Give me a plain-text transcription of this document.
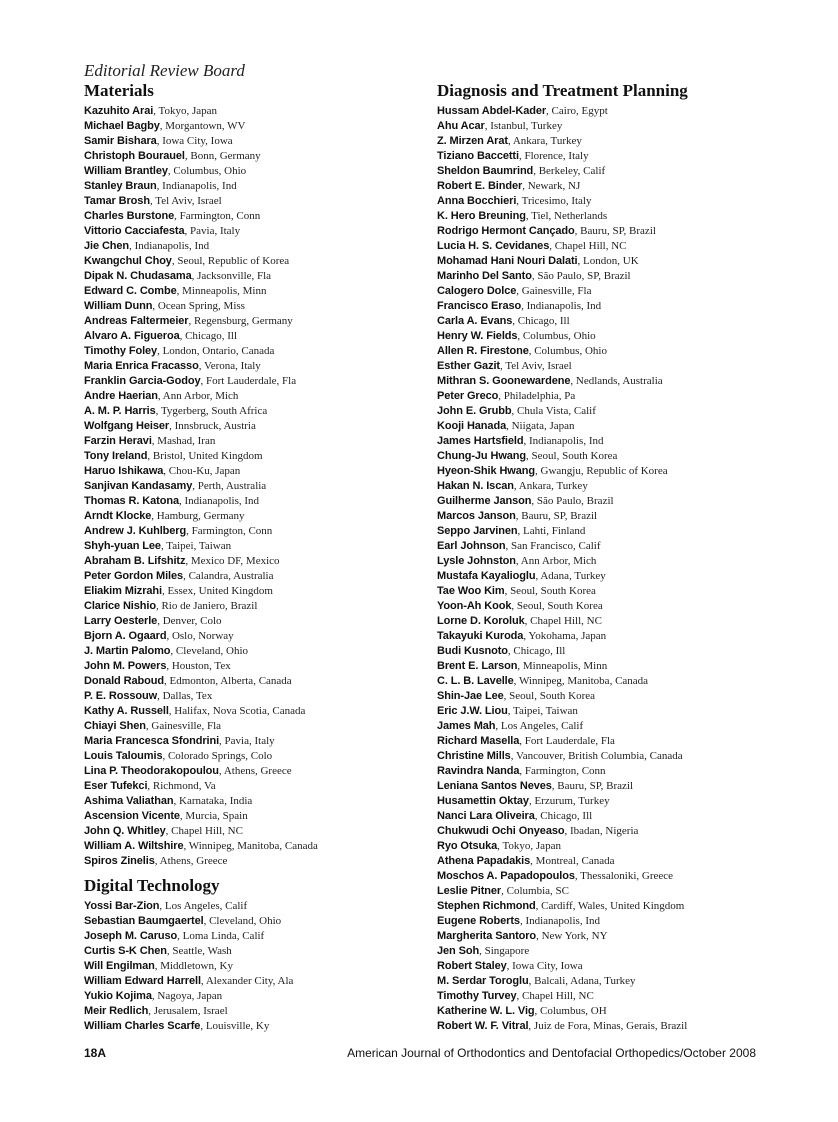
Editorial Review Board
Materials
Kazuhito Arai, Tokyo, Japan
Michael Bagby, Morgantown, WV
Samir Bishara, Iowa City, Iowa
Christoph Bourauel, Bonn, Germany
William Brantley, Columbus, Ohio
Stanley Braun, Indianapolis, Ind
Tamar Brosh, Tel Aviv, Israel
Charles Burstone, Farmington, Conn
Vittorio Cacciafesta, Pavia, Italy
Jie Chen, Indianapolis, Ind
Kwangchul Choy, Seoul, Republic of Korea
Dipak N. Chudasama, Jacksonville, Fla
Edward C. Combe, Minneapolis, Minn
William Dunn, Ocean Spring, Miss
Andreas Faltermeier, Regensburg, Germany
Alvaro A. Figueroa, Chicago, Ill
Timothy Foley, London, Ontario, Canada
Maria Enrica Fracasso, Verona, Italy
Franklin Garcia-Godoy, Fort Lauderdale, Fla
Andre Haerian, Ann Arbor, Mich
A. M. P. Harris, Tygerberg, South Africa
Wolfgang Heiser, Innsbruck, Austria
Farzin Heravi, Mashad, Iran
Tony Ireland, Bristol, United Kingdom
Haruo Ishikawa, Chou-Ku, Japan
Sanjivan Kandasamy, Perth, Australia
Thomas R. Katona, Indianapolis, Ind
Arndt Klocke, Hamburg, Germany
Andrew J. Kuhlberg, Farmington, Conn
Shyh-yuan Lee, Taipei, Taiwan
Abraham B. Lifshitz, Mexico DF, Mexico
Peter Gordon Miles, Calandra, Australia
Eliakim Mizrahi, Essex, United Kingdom
Clarice Nishio, Rio de Janiero, Brazil
Larry Oesterle, Denver, Colo
Bjorn A. Ogaard, Oslo, Norway
J. Martin Palomo, Cleveland, Ohio
John M. Powers, Houston, Tex
Donald Raboud, Edmonton, Alberta, Canada
P. E. Rossouw, Dallas, Tex
Kathy A. Russell, Halifax, Nova Scotia, Canada
Chiayi Shen, Gainesville, Fla
Maria Francesca Sfondrini, Pavia, Italy
Louis Taloumis, Colorado Springs, Colo
Lina P. Theodorakopoulou, Athens, Greece
Eser Tufekci, Richmond, Va
Ashima Valiathan, Karnataka, India
Ascension Vicente, Murcia, Spain
John Q. Whitley, Chapel Hill, NC
William A. Wiltshire, Winnipeg, Manitoba, Canada
Spiros Zinelis, Athens, Greece
Digital Technology
Yossi Bar-Zion, Los Angeles, Calif
Sebastian Baumgaertel, Cleveland, Ohio
Joseph M. Caruso, Loma Linda, Calif
Curtis S-K Chen, Seattle, Wash
Will Engilman, Middletown, Ky
William Edward Harrell, Alexander City, Ala
Yukio Kojima, Nagoya, Japan
Meir Redlich, Jerusalem, Israel
William Charles Scarfe, Louisville, Ky
Diagnosis and Treatment Planning
Hussam Abdel-Kader, Cairo, Egypt
Ahu Acar, Istanbul, Turkey
Z. Mirzen Arat, Ankara, Turkey
Tiziano Baccetti, Florence, Italy
Sheldon Baumrind, Berkeley, Calif
Robert E. Binder, Newark, NJ
Anna Bocchieri, Tricesimo, Italy
K. Hero Breuning, Tiel, Netherlands
Rodrigo Hermont Cançado, Bauru, SP, Brazil
Lucia H. S. Cevidanes, Chapel Hill, NC
Mohamad Hani Nouri Dalati, London, UK
Marinho Del Santo, São Paulo, SP, Brazil
Calogero Dolce, Gainesville, Fla
Francisco Eraso, Indianapolis, Ind
Carla A. Evans, Chicago, Ill
Henry W. Fields, Columbus, Ohio
Allen R. Firestone, Columbus, Ohio
Esther Gazit, Tel Aviv, Israel
Mithran S. Goonewardene, Nedlands, Australia
Peter Greco, Philadelphia, Pa
John E. Grubb, Chula Vista, Calif
Kooji Hanada, Niigata, Japan
James Hartsfield, Indianapolis, Ind
Chung-Ju Hwang, Seoul, South Korea
Hyeon-Shik Hwang, Gwangju, Republic of Korea
Hakan N. Iscan, Ankara, Turkey
Guilherme Janson, São Paulo, Brazil
Marcos Janson, Bauru, SP, Brazil
Seppo Jarvinen, Lahti, Finland
Earl Johnson, San Francisco, Calif
Lysle Johnston, Ann Arbor, Mich
Mustafa Kayalioglu, Adana, Turkey
Tae Woo Kim, Seoul, South Korea
Yoon-Ah Kook, Seoul, South Korea
Lorne D. Koroluk, Chapel Hill, NC
Takayuki Kuroda, Yokohama, Japan
Budi Kusnoto, Chicago, Ill
Brent E. Larson, Minneapolis, Minn
C. L. B. Lavelle, Winnipeg, Manitoba, Canada
Shin-Jae Lee, Seoul, South Korea
Eric J.W. Liou, Taipei, Taiwan
James Mah, Los Angeles, Calif
Richard Masella, Fort Lauderdale, Fla
Christine Mills, Vancouver, British Columbia, Canada
Ravindra Nanda, Farmington, Conn
Leniana Santos Neves, Bauru, SP, Brazil
Husamettin Oktay, Erzurum, Turkey
Nanci Lara Oliveira, Chicago, Ill
Chukwudi Ochi Onyeaso, Ibadan, Nigeria
Ryo Otsuka, Tokyo, Japan
Athena Papadakis, Montreal, Canada
Moschos A. Papadopoulos, Thessaloniki, Greece
Leslie Pitner, Columbia, SC
Stephen Richmond, Cardiff, Wales, United Kingdom
Eugene Roberts, Indianapolis, Ind
Margherita Santoro, New York, NY
Jen Soh, Singapore
Robert Staley, Iowa City, Iowa
M. Serdar Toroglu, Balcali, Adana, Turkey
Timothy Turvey, Chapel Hill, NC
Katherine W. L. Vig, Columbus, OH
Robert W. F. Vitral, Juiz de Fora, Minas, Gerais, Brazil
18A	American Journal of Orthodontics and Dentofacial Orthopedics/October 2008
